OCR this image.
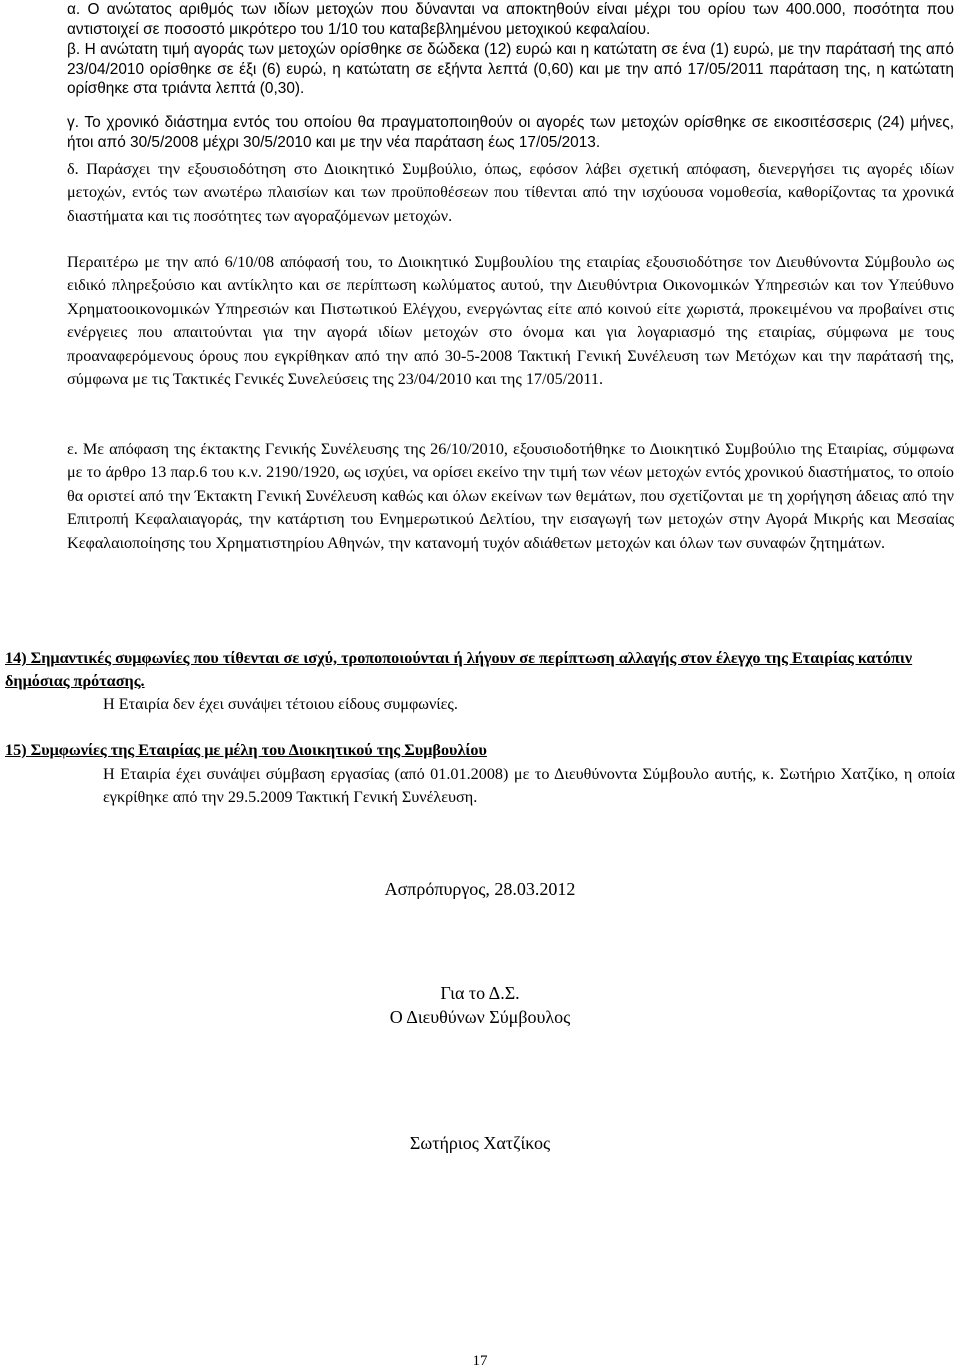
α. Ο ανώτατος αριθμός των ιδίων μετοχών που δύνανται να αποκτηθούν είναι μέχρι του ορίου των 400.000, ποσότητα που αντιστοιχεί σε ποσοστό μικρότερο του 1/10 του καταβεβλημένου μετοχικού κεφαλαίου.

β. Η ανώτατη τιμή αγοράς των μετοχών ορίσθηκε σε δώδεκα (12) ευρώ και η κατώτατη σε ένα (1) ευρώ, με την παράτασή της από 23/04/2010 ορίσθηκε σε έξι (6) ευρώ, η κατώτατη σε εξήντα λεπτά (0,60) και με την από 17/05/2011 παράταση της, η κατώτατη ορίσθηκε στα τριάντα λεπτά (0,30).

γ. Το χρονικό διάστημα εντός του οποίου θα πραγματοποιηθούν οι αγορές των μετοχών ορίσθηκε σε εικοσιτέσσερις (24) μήνες, ήτοι από 30/5/2008 μέχρι 30/5/2010 και με την νέα παράταση έως 17/05/2013.

δ. Παράσχει την εξουσιοδότηση στο Διοικητικό Συμβούλιο, όπως, εφόσον λάβει σχετική απόφαση, διενεργήσει τις αγορές ιδίων μετοχών, εντός των ανωτέρω πλαισίων και των προϋποθέσεων που τίθενται από την ισχύουσα νομοθεσία, καθορίζοντας τα χρονικά διαστήματα και τις ποσότητες των αγοραζόμενων μετοχών.

Περαιτέρω με την από 6/10/08 απόφασή του, το Διοικητικό Συμβουλίου της εταιρίας εξουσιοδότησε τον Διευθύνοντα Σύμβουλο ως ειδικό πληρεξούσιο και αντίκλητο και σε περίπτωση κωλύματος αυτού, την Διευθύντρια Οικονομικών Υπηρεσιών και τον Υπεύθυνο Χρηματοοικονομικών Υπηρεσιών και Πιστωτικού Ελέγχου, ενεργώντας είτε από κοινού είτε χωριστά, προκειμένου να προβαίνει στις ενέργειες που απαιτούνται για την αγορά ιδίων μετοχών στο όνομα και για λογαριασμό της εταιρίας, σύμφωνα με τους προαναφερόμενους όρους που εγκρίθηκαν από την από 30-5-2008 Τακτική Γενική Συνέλευση των Μετόχων και την παράτασή της, σύμφωνα με τις Τακτικές Γενικές Συνελεύσεις της 23/04/2010 και της 17/05/2011.

ε. Με απόφαση της έκτακτης Γενικής Συνέλευσης της 26/10/2010, εξουσιοδοτήθηκε το Διοικητικό Συμβούλιο της Εταιρίας, σύμφωνα με το άρθρο 13 παρ.6 του κ.ν. 2190/1920, ως ισχύει, να ορίσει εκείνο την τιμή των νέων μετοχών εντός χρονικού διαστήματος, το οποίο θα οριστεί από την Έκτακτη Γενική Συνέλευση καθώς και όλων εκείνων των θεμάτων, που σχετίζονται με τη χορήγηση άδειας από την Επιτροπή Κεφαλαιαγοράς, την κατάρτιση του Ενημερωτικού Δελτίου, την εισαγωγή των μετοχών στην Αγορά Μικρής και Μεσαίας Κεφαλαιοποίησης του Χρηματιστηρίου Αθηνών, την κατανομή τυχόν αδιάθετων μετοχών και όλων των συναφών ζητημάτων.

14) Σημαντικές συμφωνίες που τίθενται σε ισχύ, τροποποιούνται ή λήγουν σε περίπτωση αλλαγής στον έλεγχο της Εταιρίας κατόπιν δημόσιας πρότασης.

Η Εταιρία δεν έχει συνάψει τέτοιου είδους συμφωνίες.

15) Συμφωνίες της Εταιρίας με μέλη του Διοικητικού της Συμβουλίου

Η Εταιρία έχει συνάψει σύμβαση εργασίας (από 01.01.2008) με το Διευθύνοντα Σύμβουλο αυτής, κ. Σωτήριο Χατζίκο, η οποία εγκρίθηκε από την 29.5.2009 Τακτική Γενική Συνέλευση.

Ασπρόπυργος, 28.03.2012

Για το Δ.Σ.

Ο Διευθύνων Σύμβουλος

Σωτήριος Χατζίκος

17
